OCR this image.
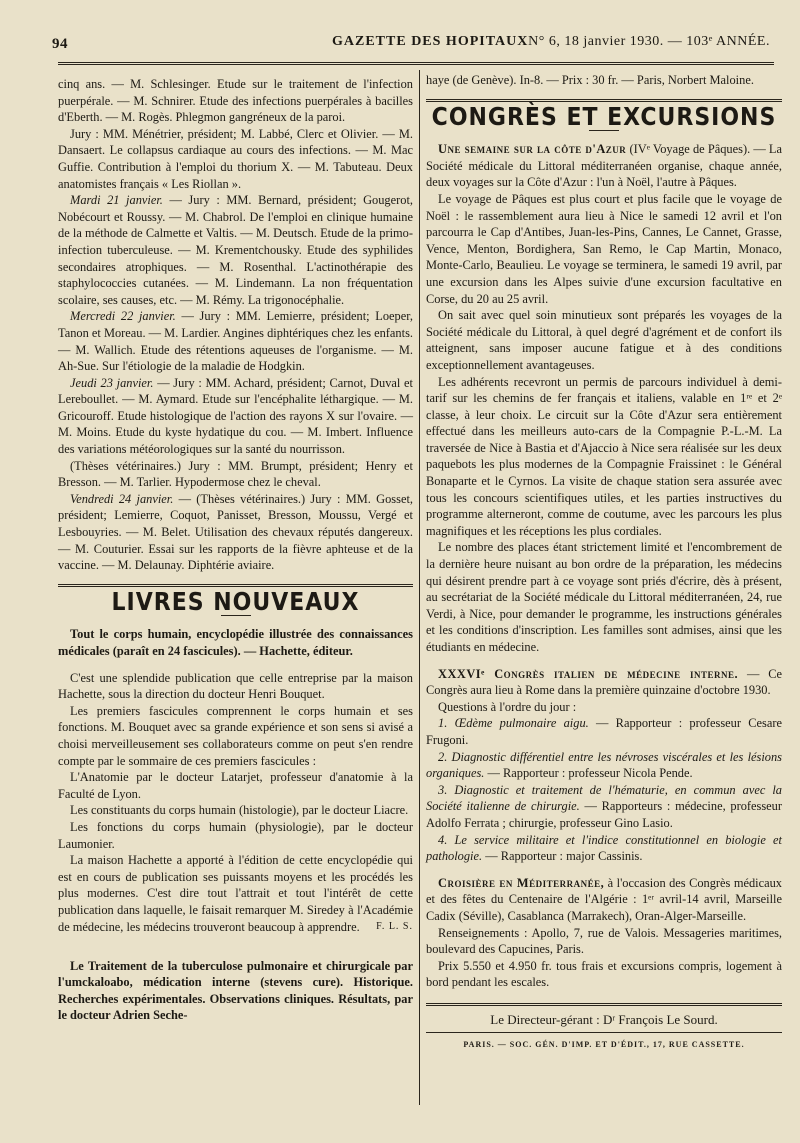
94	GAZETTE DES HOPITAUX N° 6, 18 janvier 1930. — 103ᵉ ANNÉE.

cinq ans. — M. Schlesinger. Etude sur le traitement de l'infection puerpérale. — M. Schnirer. Etude des infections puerpérales à bacilles d'Eberth. — M. Rogès. Phlegmon gangréneux de la paroi.

Jury : MM. Ménétrier, président; M. Labbé, Clerc et Olivier. — M. Dansaert. Le collapsus cardiaque au cours des infections. — M. Mac Guffie. Contribution à l'emploi du thorium X. — M. Tabuteau. Deux anatomistes français « Les Riollan ».

Mardi 21 janvier. — Jury : MM. Bernard, président; Gougerot, Nobécourt et Roussy. — M. Chabrol. De l'emploi en clinique humaine de la méthode de Calmette et Valtis. — M. Deutsch. Etude de la primo-infection tuberculeuse. — M. Krementchousky. Etude des syphilides secondaires atrophiques. — M. Rosenthal. L'actinothérapie des staphylococcies cutanées. — M. Lindemann. La non fréquentation scolaire, ses causes, etc. — M. Rémy. La trigonocéphalie.

Mercredi 22 janvier. — Jury : MM. Lemierre, président; Loeper, Tanon et Moreau. — M. Lardier. Angines diphtériques chez les enfants. — M. Wallich. Etude des rétentions aqueuses de l'organisme. — M. Ah-Sue. Sur l'étiologie de la maladie de Hodgkin.

Jeudi 23 janvier. — Jury : MM. Achard, président; Carnot, Duval et Lereboullet. — M. Aymard. Etude sur l'encéphalite léthargique. — M. Gricouroff. Etude histologique de l'action des rayons X sur l'ovaire. — M. Moins. Etude du kyste hydatique du cou. — M. Imbert. Influence des variations météorologiques sur la santé du nourrisson.

(Thèses vétérinaires.) Jury : MM. Brumpt, président; Henry et Bresson. — M. Tarlier. Hypodermose chez le cheval.

Vendredi 24 janvier. — (Thèses vétérinaires.) Jury : MM. Gosset, président; Lemierre, Coquot, Panisset, Bresson, Moussu, Vergé et Lesbouyries. — M. Belet. Utilisation des chevaux réputés dangereux. — M. Couturier. Essai sur les rapports de la fièvre aphteuse et de la vaccine. — M. Delaunay. Diphtérie aviaire.

LIVRES NOUVEAUX

Tout le corps humain, encyclopédie illustrée des connaissances médicales (paraît en 24 fascicules). — Hachette, éditeur.

C'est une splendide publication que celle entreprise par la maison Hachette, sous la direction du docteur Henri Bouquet.

Les premiers fascicules comprennent le corps humain et ses fonctions. M. Bouquet avec sa grande expérience et son sens si avisé a choisi merveilleusement ses collaborateurs comme on peut s'en rendre compte par le sommaire de ces premiers fascicules :

L'Anatomie par le docteur Latarjet, professeur d'anatomie à la Faculté de Lyon.

Les constituants du corps humain (histologie), par le docteur Liacre.

Les fonctions du corps humain (physiologie), par le docteur Laumonier.

La maison Hachette a apporté à l'édition de cette encyclopédie qui est en cours de publication ses puissants moyens et les procédés les plus modernes. C'est dire tout l'attrait et tout l'intérêt de cette publication dans laquelle, le faisait remarquer M. Siredey à l'Académie de médecine, les médecins trouveront beaucoup à apprendre.	F. L. S.

Le Traitement de la tuberculose pulmonaire et chirurgicale par l'umckaloabo, médication interne (stevens cure). Historique. Recherches expérimentales. Observations cliniques. Résultats, par le docteur Adrien Seche-

haye (de Genève). In-8. — Prix : 30 fr. — Paris, Norbert Maloine.

CONGRÈS ET EXCURSIONS

Une semaine sur la côte d'Azur (IVᵉ Voyage de Pâques). — La Société médicale du Littoral méditerranéen organise, chaque année, deux voyages sur la Côte d'Azur : l'un à Noël, l'autre à Pâques.

Le voyage de Pâques est plus court et plus facile que le voyage de Noël : le rassemblement aura lieu à Nice le samedi 12 avril et l'on parcourra le Cap d'Antibes, Juan-les-Pins, Cannes, Le Cannet, Grasse, Vence, Menton, Bordighera, San Remo, le Cap Martin, Monaco, Monte-Carlo, Beaulieu. Le voyage se terminera, le samedi 19 avril, par une excursion dans les Alpes suivie d'une excursion facultative en Corse, du 20 au 25 avril.

On sait avec quel soin minutieux sont préparés les voyages de la Société médicale du Littoral, à quel degré d'agrément et de confort ils atteignent, sans imposer aucune fatigue et à des conditions exceptionnellement avantageuses.

Les adhérents recevront un permis de parcours individuel à demi-tarif sur les chemins de fer français et italiens, valable en 1ʳᵉ et 2ᵉ classe, à leur choix. Le circuit sur la Côte d'Azur sera entièrement effectué dans les meilleurs auto-cars de la Compagnie P.-L.-M. La traversée de Nice à Bastia et d'Ajaccio à Nice sera réalisée sur les deux paquebots les plus modernes de la Compagnie Fraissinet : le Général Bonaparte et le Cyrnos. La visite de chaque station sera assurée avec tous les concours scientifiques utiles, et les parties instructives du programme alterneront, comme de coutume, avec les parcours les plus magnifiques et les réceptions les plus cordiales.

Le nombre des places étant strictement limité et l'encombrement de la dernière heure nuisant au bon ordre de la préparation, les médecins qui désirent prendre part à ce voyage sont priés d'écrire, dès à présent, au secrétariat de la Société médicale du Littoral méditerranéen, 24, rue Verdi, à Nice, pour demander le programme, les instructions générales et les conditions d'inscription. Les familles sont admises, ainsi que les étudiants en médecine.

XXXVIᵉ Congrès italien de médecine interne. — Ce Congrès aura lieu à Rome dans la première quinzaine d'octobre 1930.

Questions à l'ordre du jour :

1. Œdème pulmonaire aigu. — Rapporteur : professeur Cesare Frugoni.

2. Diagnostic différentiel entre les névroses viscérales et les lésions organiques. — Rapporteur : professeur Nicola Pende.

3. Diagnostic et traitement de l'hématurie, en commun avec la Société italienne de chirurgie. — Rapporteurs : médecine, professeur Adolfo Ferrata ; chirurgie, professeur Gino Lasio.

4. Le service militaire et l'indice constitutionnel en biologie et pathologie. — Rapporteur : major Cassinis.

Croisière en Méditerranée, à l'occasion des Congrès médicaux et des fêtes du Centenaire de l'Algérie : 1ᵉʳ avril-14 avril, Marseille Cadix (Séville), Casablanca (Marrakech), Oran-Alger-Marseille.

Renseignements : Apollo, 7, rue de Valois. Messageries maritimes, boulevard des Capucines, Paris.

Prix 5.550 et 4.950 fr. tous frais et excursions compris, logement à bord pendant les escales.

Le Directeur-gérant : Dʳ François Le Sourd.
PARIS. — SOC. GÉN. D'IMP. ET D'ÉDIT., 17, RUE CASSETTE.
